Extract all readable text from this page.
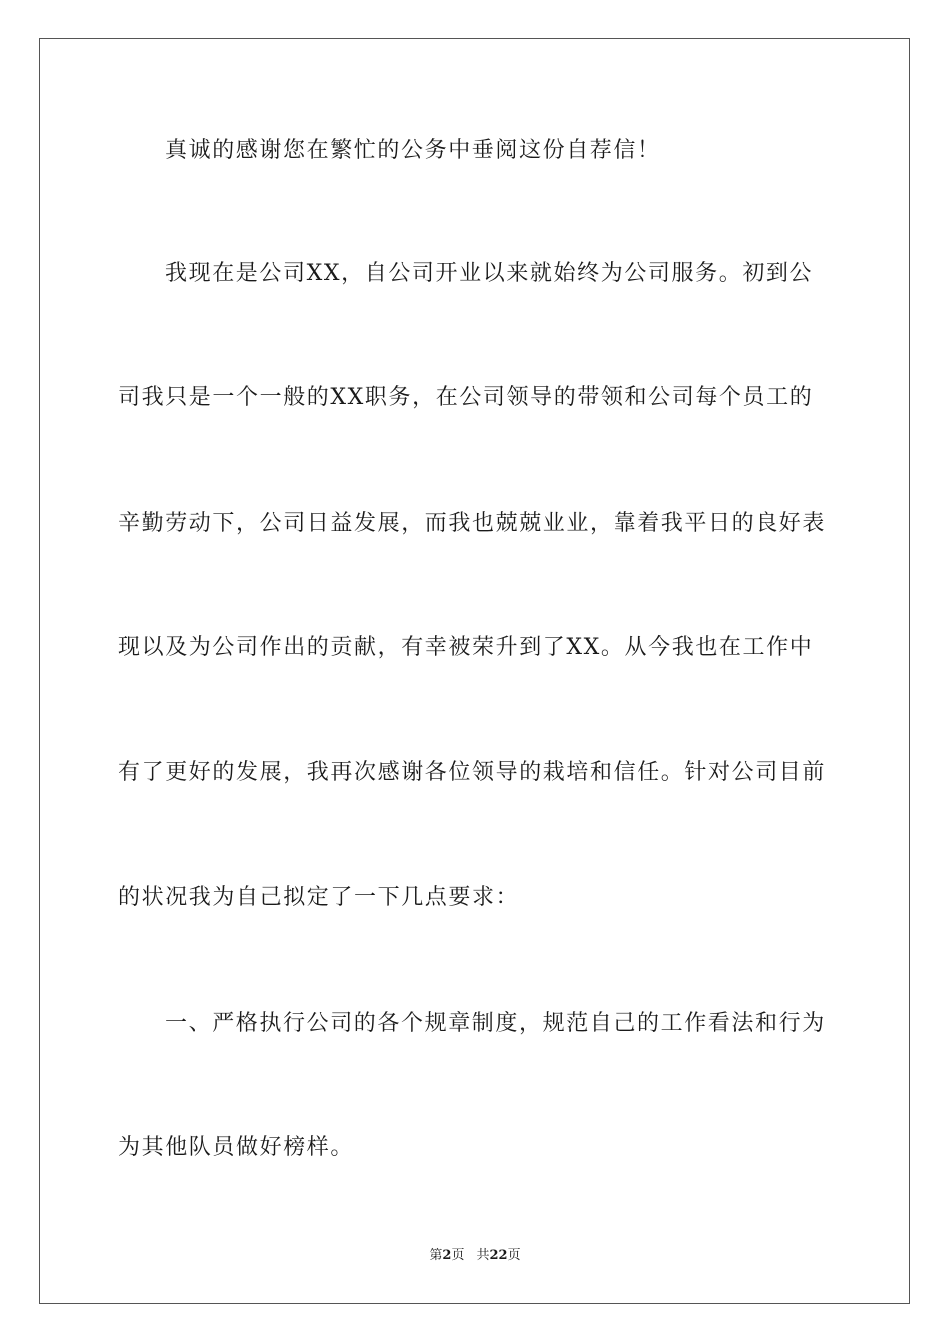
真诚的感谢您在繁忙的公务中垂阅这份自荐信！
我现在是公司XX，自公司开业以来就始终为公司服务。初到公
司我只是一个一般的XX职务，在公司领导的带领和公司每个员工的
辛勤劳动下，公司日益发展，而我也兢兢业业，靠着我平日的良好表
现以及为公司作出的贡献，有幸被荣升到了XX。从今我也在工作中
有了更好的发展，我再次感谢各位领导的栽培和信任。针对公司目前
的状况我为自己拟定了一下几点要求：
一、严格执行公司的各个规章制度，规范自己的工作看法和行为
为其他队员做好榜样。
第2页 共22页
